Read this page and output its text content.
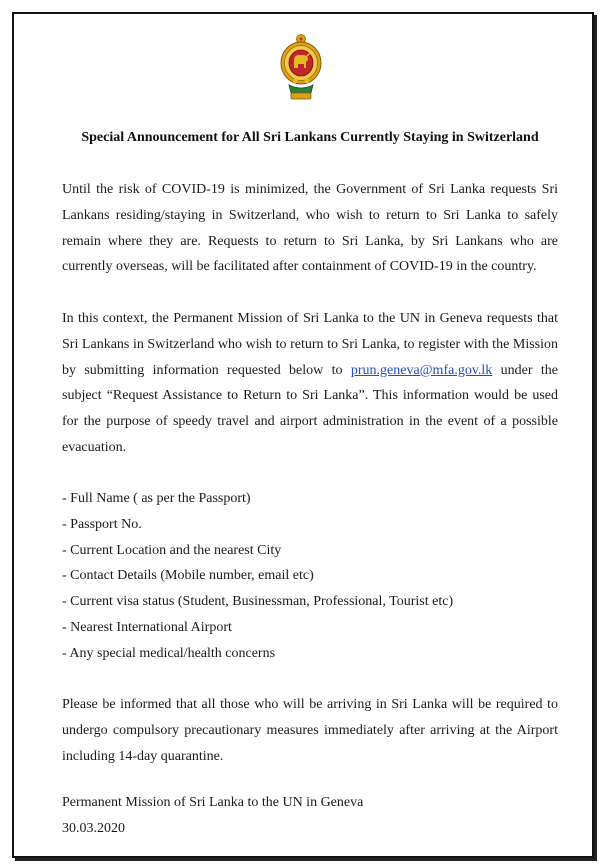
Special Announcement for All Sri Lankans Currently Staying in Switzerland

Until the risk of COVID-19 is minimized, the Government of Sri Lanka requests Sri Lankans residing/staying in Switzerland, who wish to return to Sri Lanka to safely remain where they are. Requests to return to Sri Lanka, by Sri Lankans who are currently overseas, will be facilitated after containment of COVID-19 in the country.

In this context, the Permanent Mission of Sri Lanka to the UN in Geneva requests that Sri Lankans in Switzerland who wish to return to Sri Lanka, to register with the Mission by submitting information requested below to prun.geneva@mfa.gov.lk under the subject “Request Assistance to Return to Sri Lanka”. This information would be used for the purpose of speedy travel and airport administration in the event of a possible evacuation.

- Full Name ( as per the Passport)
- Passport No.
- Current Location and the nearest City
- Contact Details (Mobile number, email etc)
- Current visa status (Student, Businessman, Professional, Tourist etc)
- Nearest International Airport
- Any special medical/health concerns

Please be informed that all those who will be arriving in Sri Lanka will be required to undergo compulsory precautionary measures immediately after arriving at the Airport including 14-day quarantine.

Permanent Mission of Sri Lanka to the UN in Geneva
30.03.2020
